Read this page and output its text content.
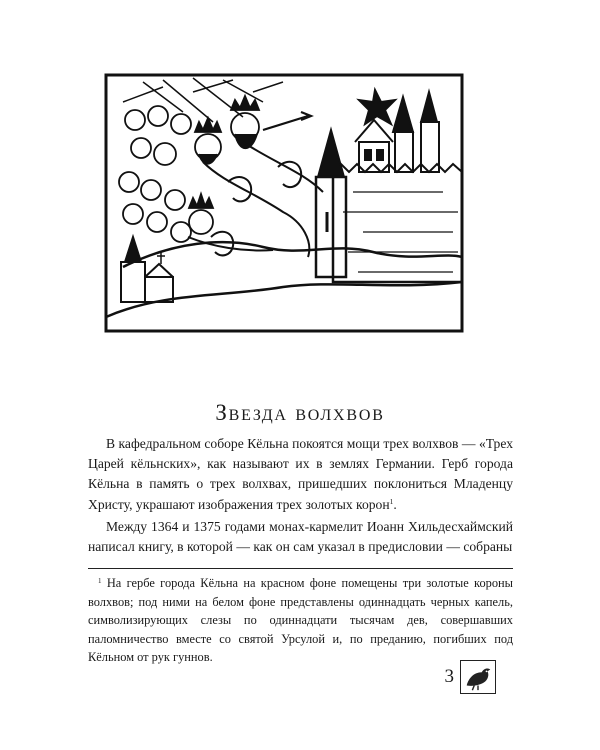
Звезда волхвов

В кафедральном соборе Кёльна покоятся мощи трех волхвов — «Трех Царей кёльнских», как называют их в землях Германии. Герб города Кёльна в память о трех волхвах, пришедших поклониться Младенцу Христу, украшают изображения трех золотых корон$^1$.

Между 1364 и 1375 годами монах-кармелит Иоанн Хильдесхаймский написал книгу, в которой — как он сам указал в предисловии — собраны

$^1$ На гербе города Кёльна на красном фоне помещены три золотые короны волхвов; под ними на белом фоне представлены одиннадцать черных капель, символизирующих слезы по одиннадцати тысячам дев, совершавших паломничество вместе со святой Урсулой и, по преданию, погибших под Кёльном от рук гуннов.

3
